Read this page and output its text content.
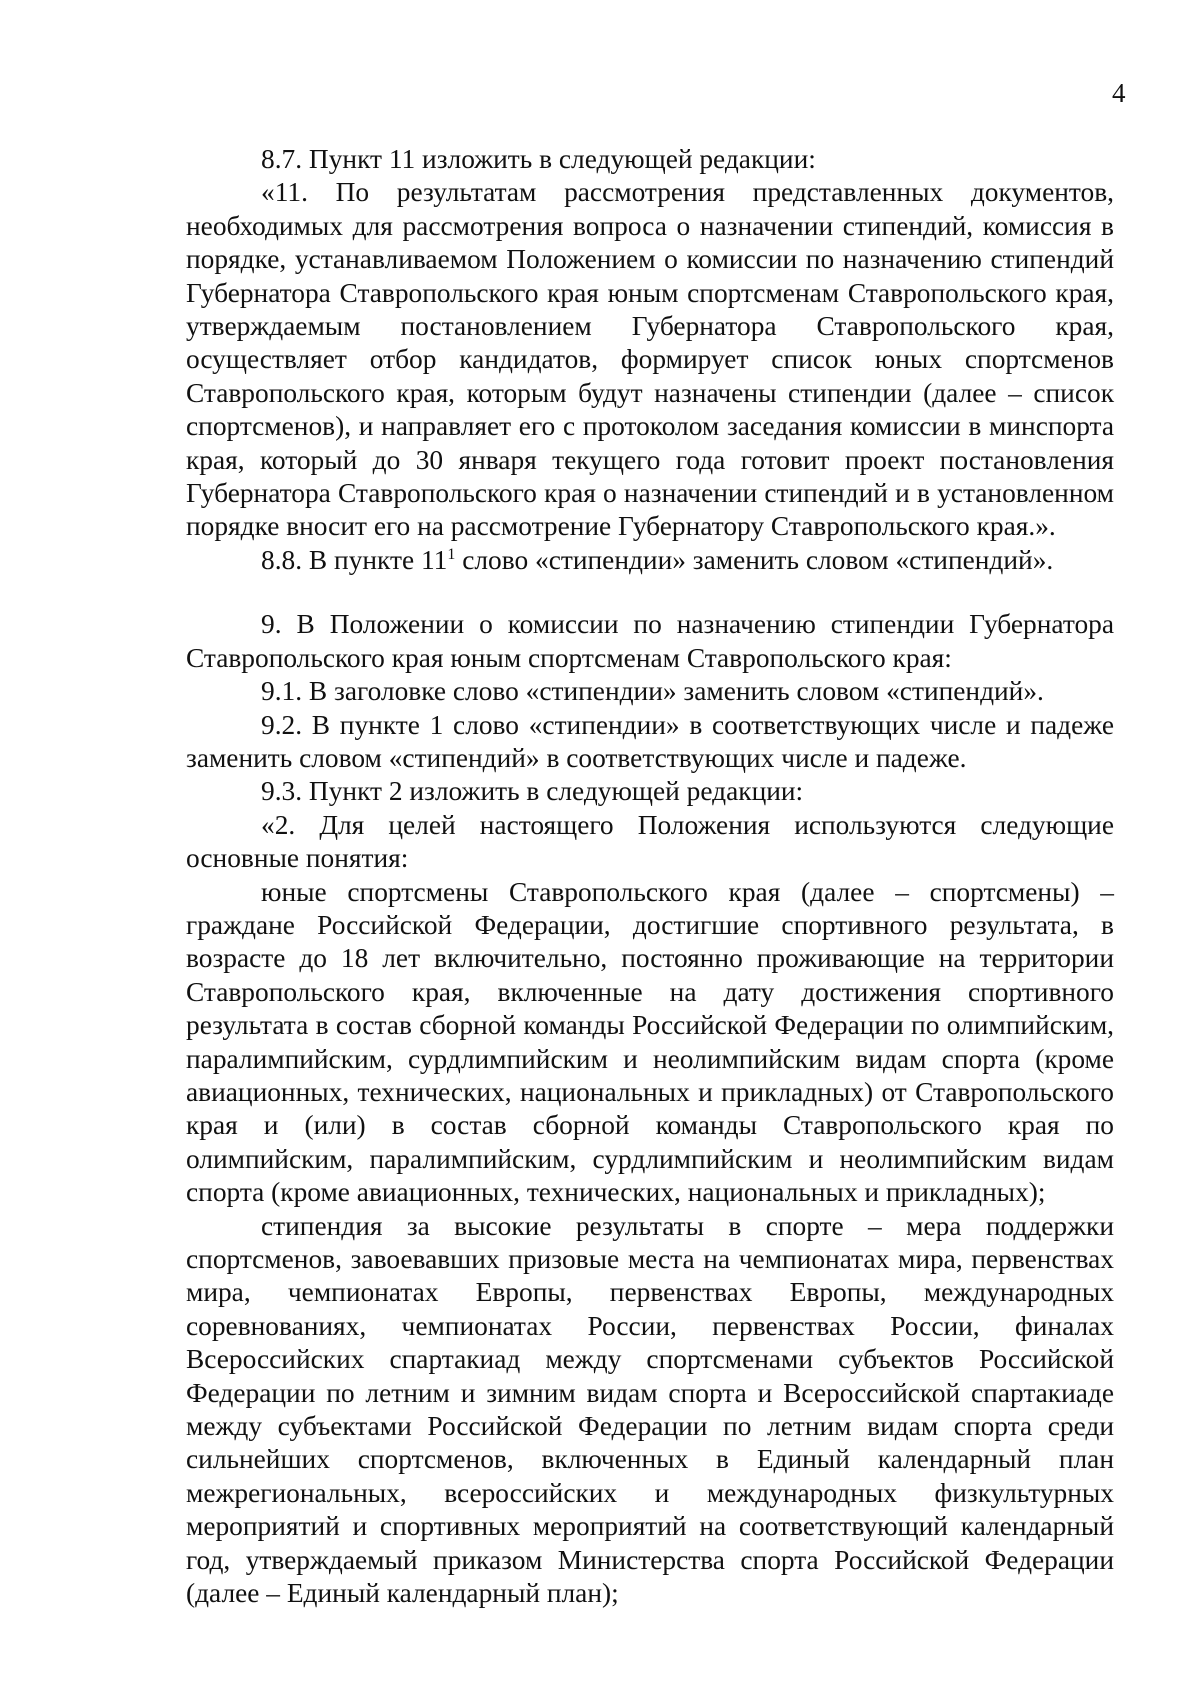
4

8.7. Пункт 11 изложить в следующей редакции:

«11. По результатам рассмотрения представленных документов, необходимых для рассмотрения вопроса о назначении стипендий, комиссия в порядке, устанавливаемом Положением о комиссии по назначению стипендий Губернатора Ставропольского края юным спортсменам Ставропольского края, утверждаемым постановлением Губернатора Ставропольского края, осуществляет отбор кандидатов, формирует список юных спортсменов Ставропольского края, которым будут назначены стипендии (далее – список спортсменов), и направляет его с протоколом заседания комиссии в минспорта края, который до 30 января текущего года готовит проект постановления Губернатора Ставропольского края о назначении стипендий и в установленном порядке вносит его на рассмотрение Губернатору Ставропольского края.».

8.8. В пункте $11^1$ слово «стипендии» заменить словом «стипендий».

9. В Положении о комиссии по назначению стипендии Губернатора Ставропольского края юным спортсменам Ставропольского края:

9.1. В заголовке слово «стипендии» заменить словом «стипендий».

9.2. В пункте 1 слово «стипендии» в соответствующих числе и падеже заменить словом «стипендий» в соответствующих числе и падеже.

9.3. Пункт 2 изложить в следующей редакции:

«2. Для целей настоящего Положения используются следующие основные понятия:

юные спортсмены Ставропольского края (далее – спортсмены) – граждане Российской Федерации, достигшие спортивного результата, в возрасте до 18 лет включительно, постоянно проживающие на территории Ставропольского края, включенные на дату достижения спортивного результата в состав сборной команды Российской Федерации по олимпийским, паралимпийским, сурдлимпийским и неолимпийским видам спорта (кроме авиационных, технических, национальных и прикладных) от Ставропольского края и (или) в состав сборной команды Ставропольского края по олимпийским, паралимпийским, сурдлимпийским и неолимпийским видам спорта (кроме авиационных, технических, национальных и прикладных);

стипендия за высокие результаты в спорте – мера поддержки спортсменов, завоевавших призовые места на чемпионатах мира, первенствах мира, чемпионатах Европы, первенствах Европы, международных соревнованиях, чемпионатах России, первенствах России, финалах Всероссийских спартакиад между спортсменами субъектов Российской Федерации по летним и зимним видам спорта и Всероссийской спартакиаде между субъектами Российской Федерации по летним видам спорта среди сильнейших спортсменов, включенных в Единый календарный план межрегиональных, всероссийских и международных физкультурных мероприятий и спортивных мероприятий на соответствующий календарный год, утверждаемый приказом Министерства спорта Российской Федерации (далее – Единый календарный план);
